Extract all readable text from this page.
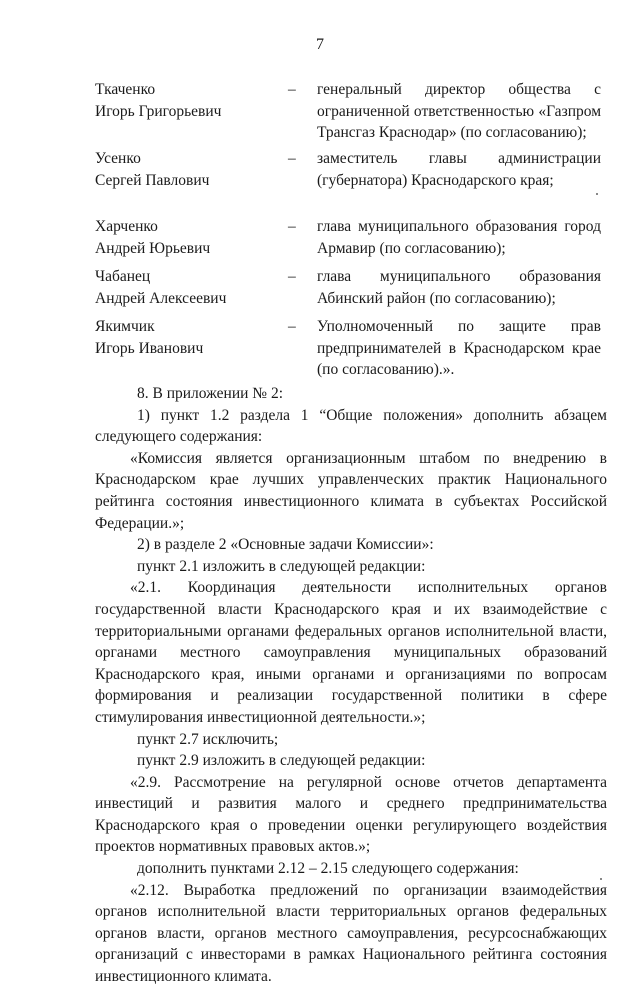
7
Ткаченко
Игорь Григорьевич
– генеральный директор общества с ограниченной ответственностью «Газпром Трансгаз Краснодар» (по согласованию);
Усенко
Сергей Павлович
– заместитель главы администрации (губернатора) Краснодарского края;
Харченко
Андрей Юрьевич
– глава муниципального образования город Армавир (по согласованию);
Чабанец
Андрей Алексеевич
– глава муниципального образования Абинский район (по согласованию);
Якимчик
Игорь Иванович
– Уполномоченный по защите прав предпринимателей в Краснодарском крае (по согласованию).».

8. В приложении № 2:

1) пункт 1.2 раздела 1 “Общие положения» дополнить абзацем следующего содержания:

«Комиссия является организационным штабом по внедрению в Краснодарском крае лучших управленческих практик Национального рейтинга состояния инвестиционного климата в субъектах Российской Федерации.»;

2) в разделе 2 «Основные задачи Комиссии»:

пункт 2.1 изложить в следующей редакции:

«2.1. Координация деятельности исполнительных органов государственной власти Краснодарского края и их взаимодействие с территориальными органами федеральных органов исполнительной власти, органами местного самоуправления муниципальных образований Краснодарского края, иными органами и организациями по вопросам формирования и реализации государственной политики в сфере стимулирования инвестиционной деятельности.»;

пункт 2.7 исключить;

пункт 2.9 изложить в следующей редакции:

«2.9. Рассмотрение на регулярной основе отчетов департамента инвестиций и развития малого и среднего предпринимательства Краснодарского края о проведении оценки регулирующего воздействия проектов нормативных правовых актов.»;

дополнить пунктами 2.12 – 2.15 следующего содержания:

«2.12. Выработка предложений по организации взаимодействия органов исполнительной власти территориальных органов федеральных органов власти, органов местного самоуправления, ресурсоснабжающих организаций с инвесторами в рамках Национального рейтинга состояния инвестиционного климата.
